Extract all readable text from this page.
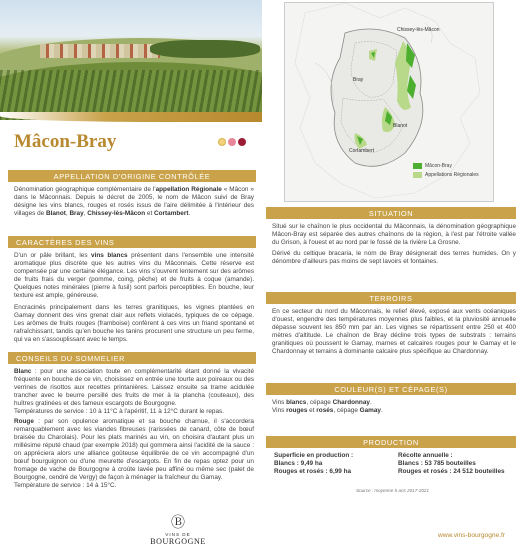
Mâcon-Bray
APPELLATION D'ORIGINE CONTRÔLÉE
Dénomination géographique complémentaire de l'appellation Régionale « Mâcon » dans le Mâconnais. Depuis le décret de 2005, le nom de Mâcon suivi de Bray désigne les vins blancs, rouges et rosés issus de l'aire délimitée à l'intérieur des villages de Blanot, Bray, Chissey-lès-Mâcon et Cortambert.
CARACTÈRES DES VINS

D'un or pâle brillant, les vins blancs présentent dans l'ensemble une intensité aromatique plus discrète que les autres vins du Mâconnais. Cette réserve est compensée par une certaine élégance. Les vins s'ouvrent lentement sur des arômes de fruits frais du verger (pomme, coing, pêche) et de fruits à coque (amande). Quelques notes minérales (pierre à fusil) sont parfois perceptibles. En bouche, leur texture est ample, généreuse.

Encracinés principalement dans les terres granitiques, les vignes plantées en Gamay donnent des vins grenat clair aux reflets violacés, typiques de ce cépage. Les arômes de fruits rouges (framboise) confèrent à ces vins un friand spontané et rafraîchissant, tandis qu'en bouche les tanins procurent une structure un peu ferme, qui va en s'assouplissant avec le temps.

CONSEILS DU SOMMELIER

Blanc : pour une association toute en complémentarité étant donné la vivacité fréquente en bouche de ce vin, choisissez en entrée une tourte aux poireaux ou des verrines de risottos aux recettes printanières. Laissez ensuite sa trame acidulée trancher avec le beurre persillé des fruits de mer à la plancha (couteaux), des huîtres gratinées et des fameux escargots de Bourgogne.
Températures de service : 10 à 11°C à l'apéritif, 11 à 12°C durant le repas.

Rouge : par son opulence aromatique et sa bouche charnue, il s'accordera remarquablement avec les viandes fibreuses (rarissées de canard, côte de bœuf braisée du Charolais). Pour les plats marinés au vin, on choisira d'autant plus un millésime réputé chaud (par exemple 2018) qui gommera ainsi l'acidité de la sauce : on appréciera alors une alliance goûteuse équilibrée de ce vin accompagné d'un bœuf bourguignon ou d'une meurette d'escargots. En fin de repas optez pour un fromage de vache de Bourgogne à croûte lavée peu affiné ou même sec (palet de Bourgogne, cendré de Vergy) de façon à ménager la fraîcheur du Gamay.
Température de service : 14 à 15°C.

Chissey-lès-Mâcon
Bray
Blanot
Cortambert
Mâcon-Bray
Appellations Régionales
SITUATION

Situé sur le chaînon le plus occidental du Mâconnais, la dénomination géographique Mâcon-Bray est séparée des autres chaînons de la région, à l'est par l'étroite vallée du Grison, à l'ouest et au nord par le fossé de la rivière La Grosne.

Dérivé du celtique bracaria, le nom de Bray désignerait des terres humides. On y dénombre d'ailleurs pas moins de sept lavoirs et fontaines.

TERROIRS

En ce secteur du nord du Mâconnais, le relief élevé, exposé aux vents océaniques d'ouest, engendre des températures moyennes plus faibles, et la pluviosité annuelle dépasse souvent les 850 mm par an. Les vignes se répartissent entre 250 et 400 mètres d'altitude. Le chaînon de Bray décline trois types de substrats : terrains granitiques où poussent le Gamay, marnes et calcaires rouges pour le Gamay et le Chardonnay et terrains à dominante calcaire plus spécifique au Chardonnay.

COULEUR(S) ET CÉPAGE(S)
Vins blancs, cépage Chardonnay.
Vins rouges et rosés, cépage Gamay.
PRODUCTION
Superficie en production :
Blancs : 9,49 ha
Rouges et rosés : 6,99 ha
Récolte annuelle :
Blancs : 53 785 bouteilles
Rouges et rosés : 24 512 bouteilles
Source : moyenne 5 ans 2017-2021
Ⓑ
VINS DE
BOURGOGNE
www.vins-bourgogne.fr
